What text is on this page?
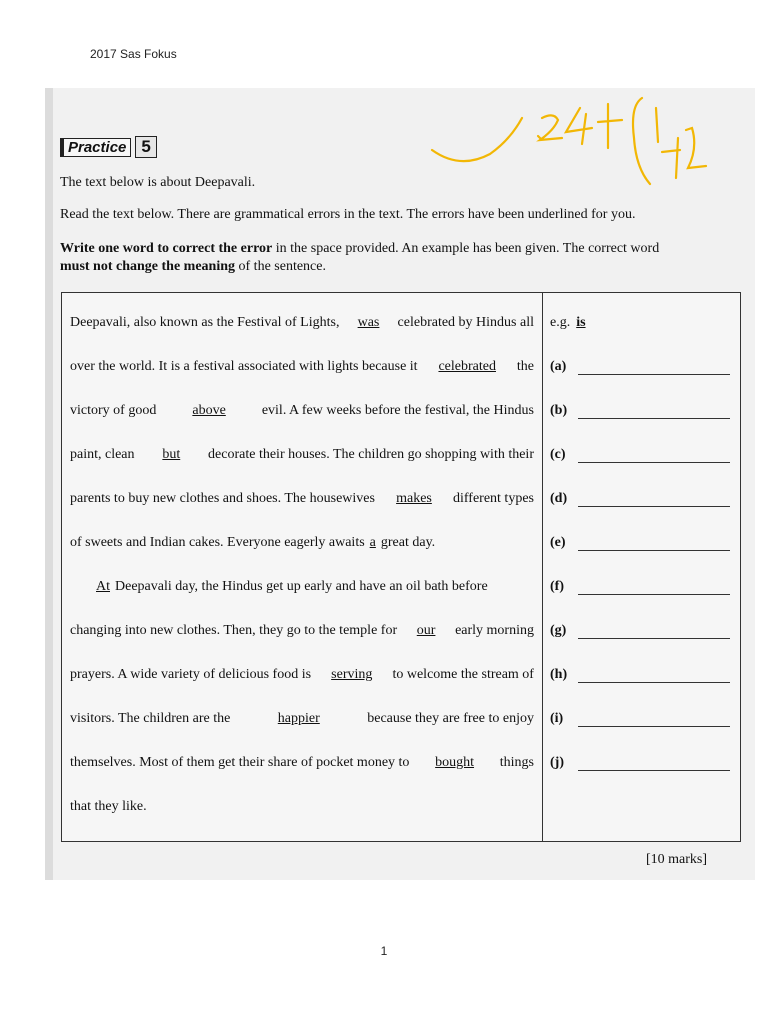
2017 Sas Fokus
Practice 5
The text below is about Deepavali.
Read the text below. There are grammatical errors in the text. The errors have been underlined for you.
Write one word to correct the error in the space provided. An example has been given. The correct word
must not change the meaning of the sentence.
Deepavali, also known as the Festival of Lights, was celebrated by Hindus all
over the world. It is a festival associated with lights because it celebrated the
victory of good	above	evil. A few weeks before the festival, the Hindus
paint, clean but decorate their houses. The children go shopping with their
parents to buy new clothes and shoes. The housewives makes different types
of sweets and Indian cakes. Everyone eagerly awaits a great day.
At Deepavali day, the Hindus get up early and have an oil bath before
changing into new clothes. Then, they go to the temple for our early morning
prayers. A wide variety of delicious food is serving to welcome the stream of
visitors. The children are the	happier	because they are free to enjoy
themselves. Most of them get their share of pocket money to bought things
that they like.
e.g. is
(a)
(b)
(c)
(d)
(e)
(f)
(g)
(h)
(i)
(j)
[10 marks]
1
